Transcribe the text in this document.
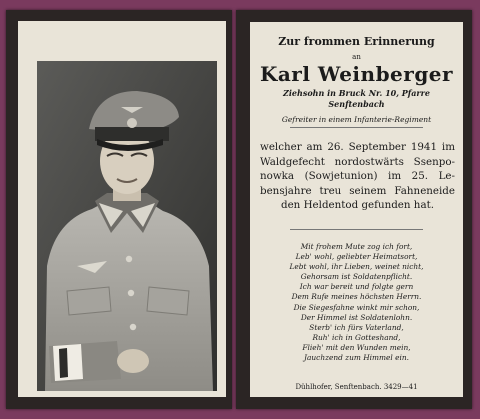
Zur frommen Erinnerung
an
Karl Weinberger
Ziehsohn in Bruck Nr. 10, Pfarre
Senftenbach
Gefreiter in einem Infanterie-Regiment
welcher am 26. September 1941 im
Waldgefecht nordostwärts Ssenpo-
nowka (Sowjetunion) im 25. Le-
bensjahre treu seinem Fahneneide
den Heldentod gefunden hat.
Mit frohem Mute zog ich fort,
Leb' wohl, geliebter Heimatsort,
Lebt wohl, ihr Lieben, weinet nicht,
Gehorsam ist Soldatenpflicht.
Ich war bereit und folgte gern
Dem Rufe meines höchsten Herrn.
Die Siegesfahne winkt mir schon,
Der Himmel ist Soldatenlohn.
Sterb' ich fürs Vaterland,
Ruh' ich in Gotteshand,
Flieh' mit den Wunden mein,
Jauchzend zum Himmel ein.
Dühlhofer, Senftenbach. 3429—41
